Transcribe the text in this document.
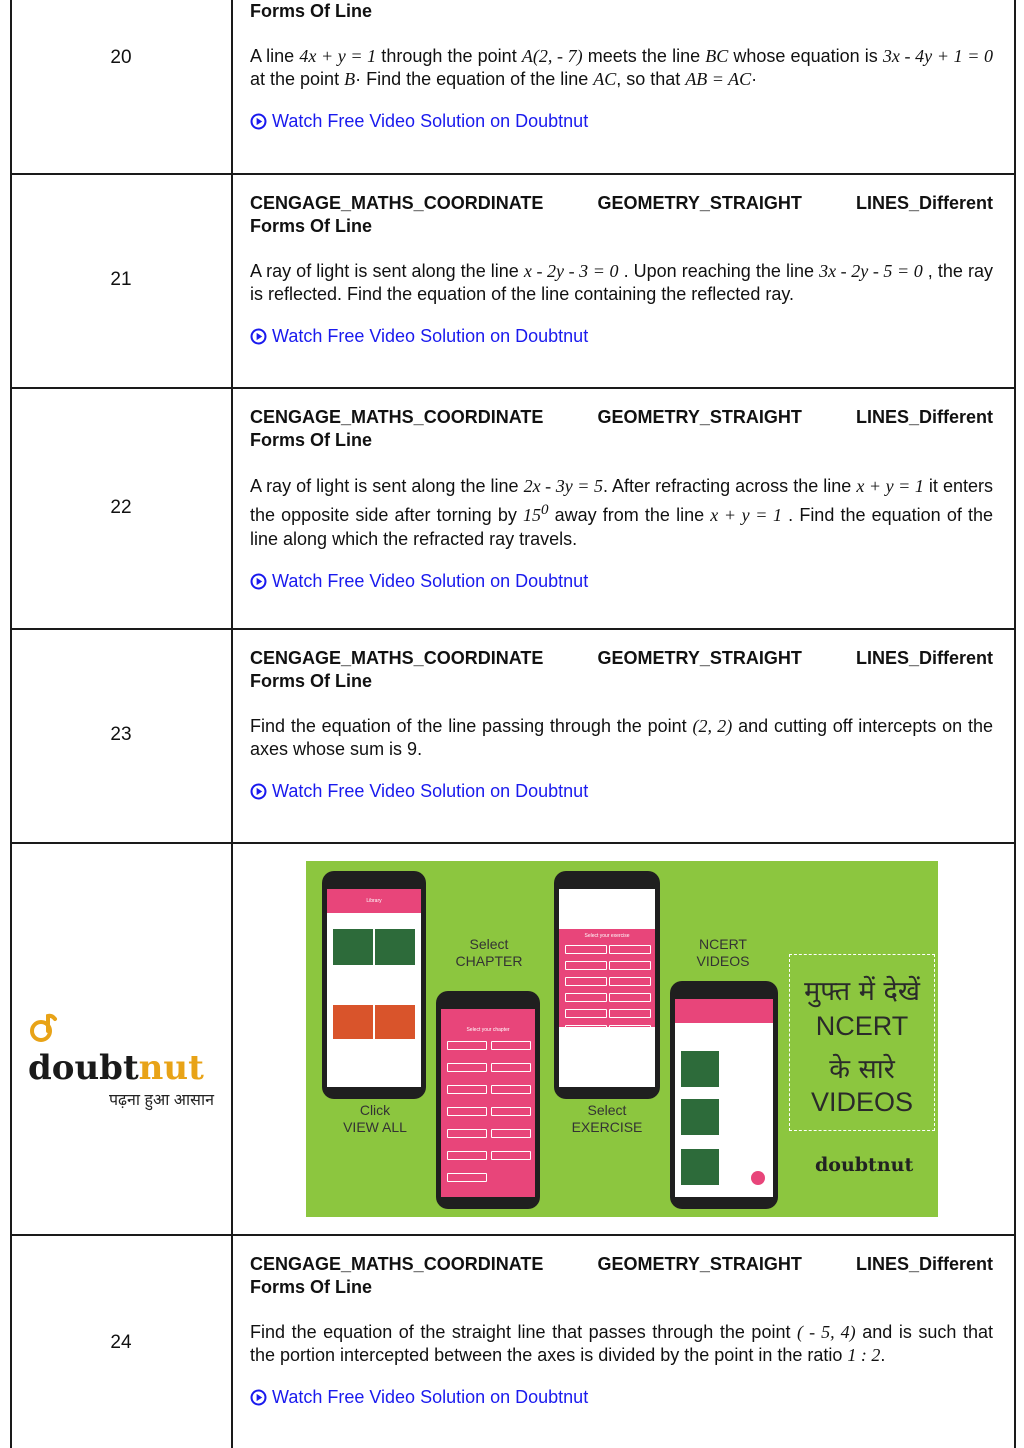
20
Forms Of Line
A line 4x + y = 1 through the point A(2, - 7) meets the line BC whose equation is 3x - 4y + 1 = 0 at the point B· Find the equation of the line AC, so that AB = AC·
Watch Free Video Solution on Doubtnut
21
CENGAGE_MATHS_COORDINATE GEOMETRY_STRAIGHT LINES_Different
Forms Of Line
A ray of light is sent along the line x - 2y - 3 = 0 . Upon reaching the line 3x - 2y - 5 = 0 , the ray is reflected. Find the equation of the line containing the reflected ray.
Watch Free Video Solution on Doubtnut
22
CENGAGE_MATHS_COORDINATE GEOMETRY_STRAIGHT LINES_Different
Forms Of Line
A ray of light is sent along the line 2x - 3y = 5. After refracting across the line x + y = 1 it enters the opposite side after torning by $15^0$ away from the line x + y = 1 . Find the equation of the line along which the refracted ray travels.
Watch Free Video Solution on Doubtnut
23
CENGAGE_MATHS_COORDINATE GEOMETRY_STRAIGHT LINES_Different
Forms Of Line
Find the equation of the line passing through the point (2, 2) and cutting off intercepts on the axes whose sum is 9.
Watch Free Video Solution on Doubtnut
doubtnut
पढ़ना हुआ आसान
Library
Select your chapter
Select your exercise
Select
CHAPTER
NCERT
VIDEOS
Click
VIEW ALL
Select
EXERCISE
मुफ्त में देखें
NCERT
के सारे
VIDEOS
doubtnut
24
CENGAGE_MATHS_COORDINATE GEOMETRY_STRAIGHT LINES_Different
Forms Of Line
Find the equation of the straight line that passes through the point ( - 5, 4) and is such that the portion intercepted between the axes is divided by the point in the ratio 1 : 2.
Watch Free Video Solution on Doubtnut
